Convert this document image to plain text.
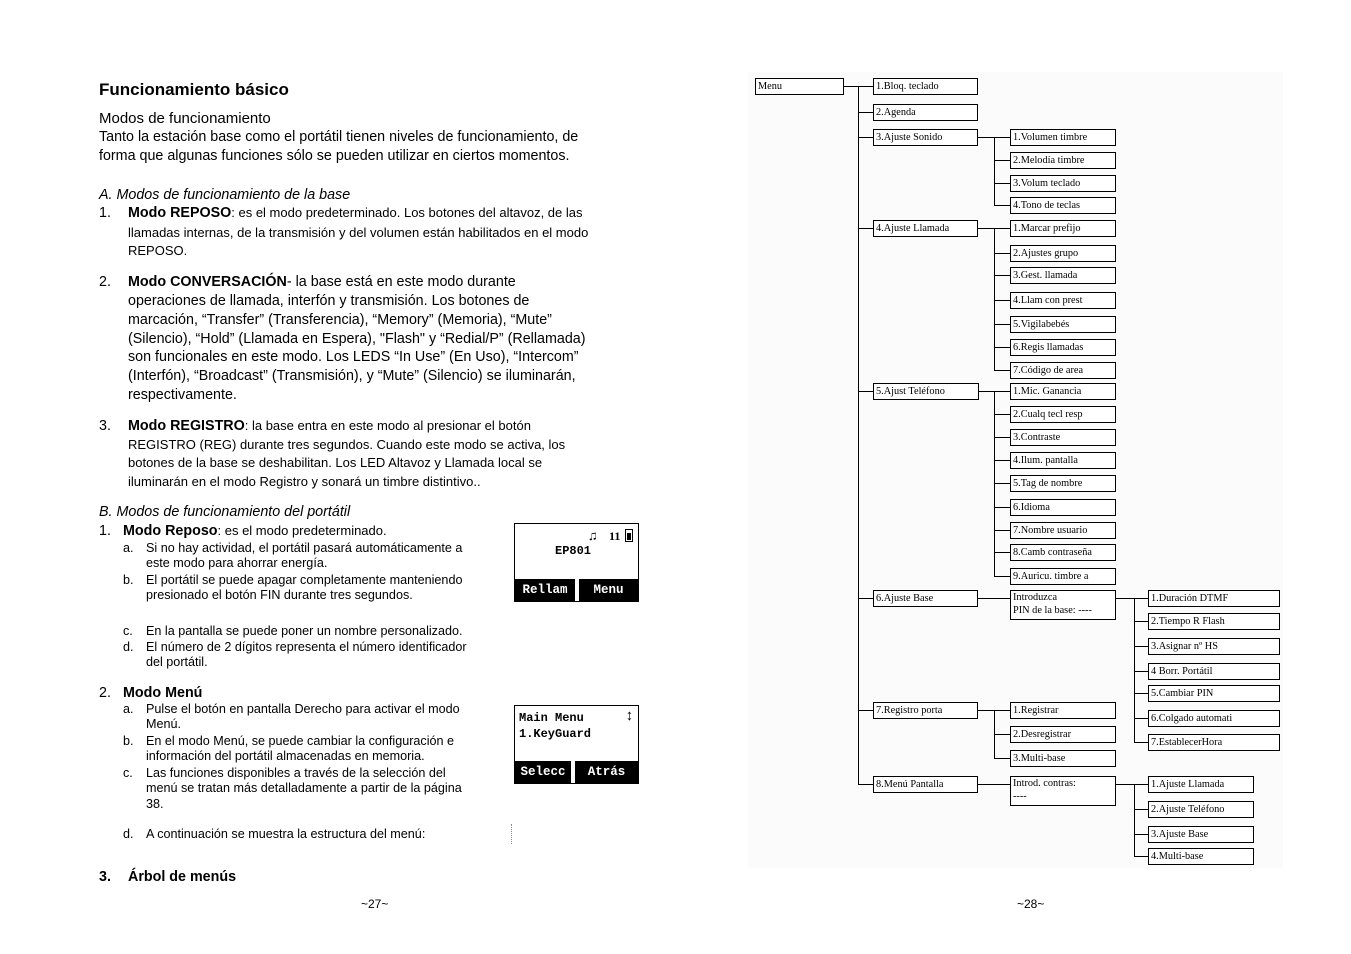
Funcionamiento básico
Modos de funcionamiento
Tanto la estación base como el portátil tienen niveles de funcionamiento, de
forma que algunas funciones sólo se pueden utilizar en ciertos momentos.
A. Modos de funcionamiento de la base
1. Modo REPOSO: es el modo predeterminado. Los botones del altavoz, de las
llamadas internas, de la transmisión y del volumen están habilitados en el modo
REPOSO.
2. Modo CONVERSACIÓN- la base está en este modo durante
operaciones de llamada, interfón y transmisión. Los botones de
marcación, “Transfer” (Transferencia), “Memory” (Memoria), “Mute”
(Silencio), “Hold” (Llamada en Espera), "Flash" y “Redial/P” (Rellamada)
son funcionales en este modo. Los LEDS “In Use” (En Uso), “Intercom”
(Interfón), “Broadcast” (Transmisión), y “Mute” (Silencio) se iluminarán,
respectivamente.
3. Modo REGISTRO: la base entra en este modo al presionar el botón
REGISTRO (REG) durante tres segundos. Cuando este modo se activa, los
botones de la base se deshabilitan. Los LED Altavoz y Llamada local se
iluminarán en el modo Registro y sonará un timbre distintivo..
B. Modos de funcionamiento del portátil
1. Modo Reposo: es el modo predeterminado.
a. Si no hay actividad, el portátil pasará automáticamente a
este modo para ahorrar energía.
b. El portátil se puede apagar completamente manteniendo
presionado el botón FIN durante tres segundos.
c. En la pantalla se puede poner un nombre personalizado.
d. El número de 2 dígitos representa el número identificador
del portátil.
♫ 11
EP801
Rellam	Menu
2. Modo Menú
a. Pulse el botón en pantalla Derecho para activar el modo
Menú.
b. En el modo Menú, se puede cambiar la configuración e
información del portátil almacenadas en memoria.
c. Las funciones disponibles a través de la selección del
menú se tratan más detalladamente a partir de la página
38.
d. A continuación se muestra la estructura del menú:
Main Menu
1.KeyGuard
↕
Selecc	Atrás
3. Árbol de menús
~27~
Menu	1.Bloq. teclado
2.Agenda
3.Ajuste Sonido
4.Ajuste Llamada
5.Ajust Teléfono
6.Ajuste Base
7.Registro porta
8.Menú Pantalla
1.Volumen timbre
2.Melodía timbre
3.Volum teclado
4.Tono de teclas
1.Marcar prefijo
2.Ajustes grupo
3.Gest. llamada
4.Llam con prest
5.Vigilabebés
6.Regis llamadas
7.Código de area
1.Mic. Ganancia
2.Cualq tecl resp
3.Contraste
4.Ilum. pantalla
5.Tag de nombre
6.Idioma
7.Nombre usuario
8.Camb contraseña
9.Auricu. timbre a
Introduzca
PIN de la base: ----
1.Duración DTMF
2.Tiempo R Flash
3.Asignar nº HS
4 Borr. Portátil
5.Cambiar PIN
6.Colgado automati
7.EstablecerHora
1.Registrar
2.Desregistrar
3.Multi-base
Introd. contras:
----
1.Ajuste Llamada
2.Ajuste Teléfono
3.Ajuste Base
4.Multi-base
~28~
